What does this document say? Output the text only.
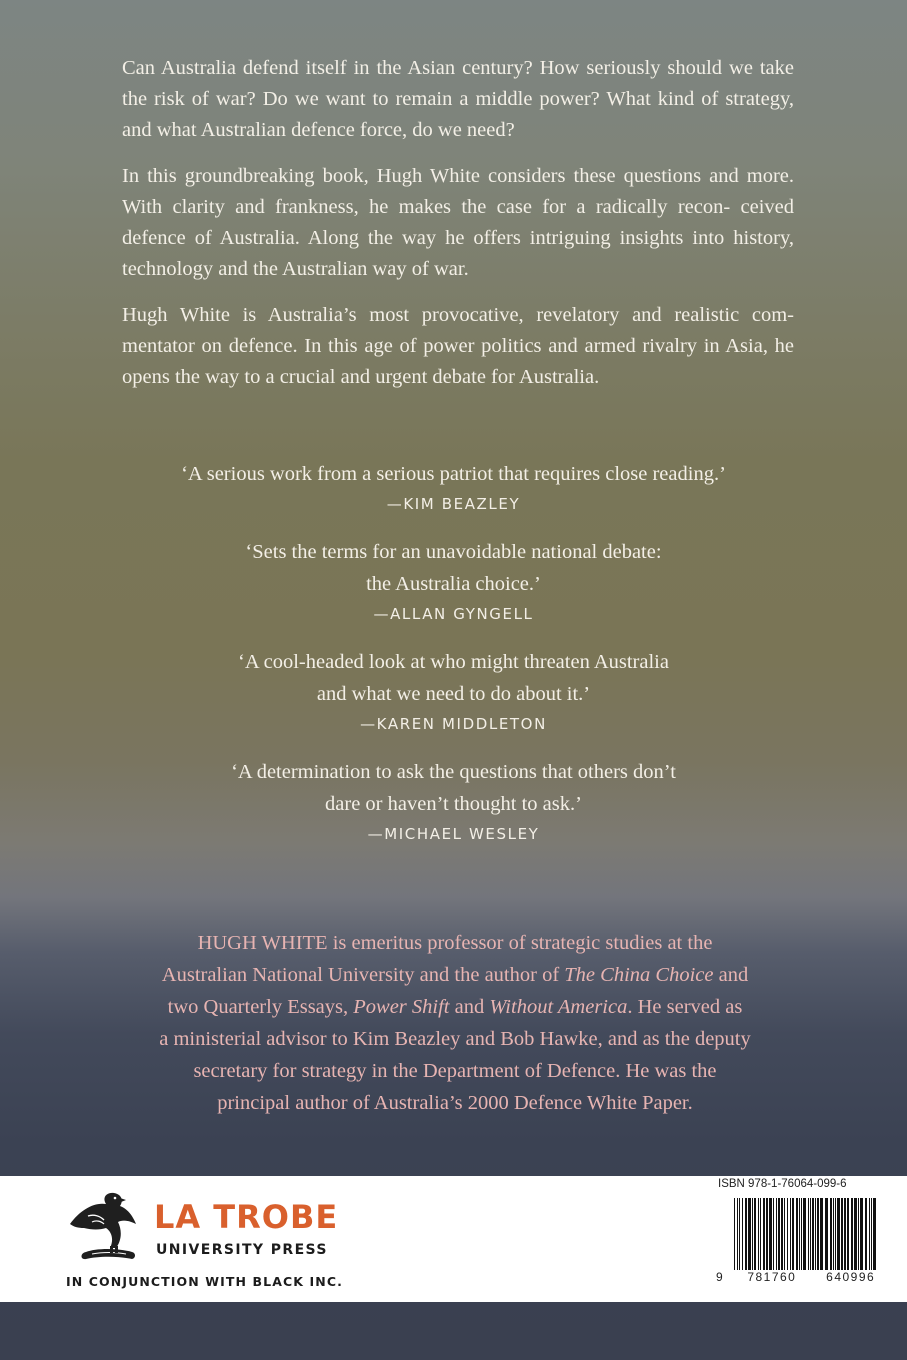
Can Australia defend itself in the Asian century? How seriously should we take the risk of war? Do we want to remain a middle power? What kind of strategy, and what Australian defence force, do we need?

In this groundbreaking book, Hugh White considers these questions and more. With clarity and frankness, he makes the case for a radically recon- ceived defence of Australia. Along the way he offers intriguing insights into history, technology and the Australian way of war.

Hugh White is Australia’s most provocative, revelatory and realistic com- mentator on defence. In this age of power politics and armed rivalry in Asia, he opens the way to a crucial and urgent debate for Australia.

‘A serious work from a serious patriot that requires close reading.’
—KIM BEAZLEY
‘Sets the terms for an unavoidable national debate:
the Australia choice.’
—ALLAN GYNGELL
‘A cool-headed look at who might threaten Australia
and what we need to do about it.’
—KAREN MIDDLETON
‘A determination to ask the questions that others don’t
dare or haven’t thought to ask.’
—MICHAEL WESLEY
HUGH WHITE is emeritus professor of strategic studies at the
Australian National University and the author of The China Choice and
two Quarterly Essays, Power Shift and Without America. He served as
a ministerial advisor to Kim Beazley and Bob Hawke, and as the deputy
secretary for strategy in the Department of Defence. He was the
principal author of Australia’s 2000 Defence White Paper.
LA TROBE
UNIVERSITY PRESS
IN CONJUNCTION WITH BLACK INC.
ISBN 978-1-76064-099-6
9 781760 640996
